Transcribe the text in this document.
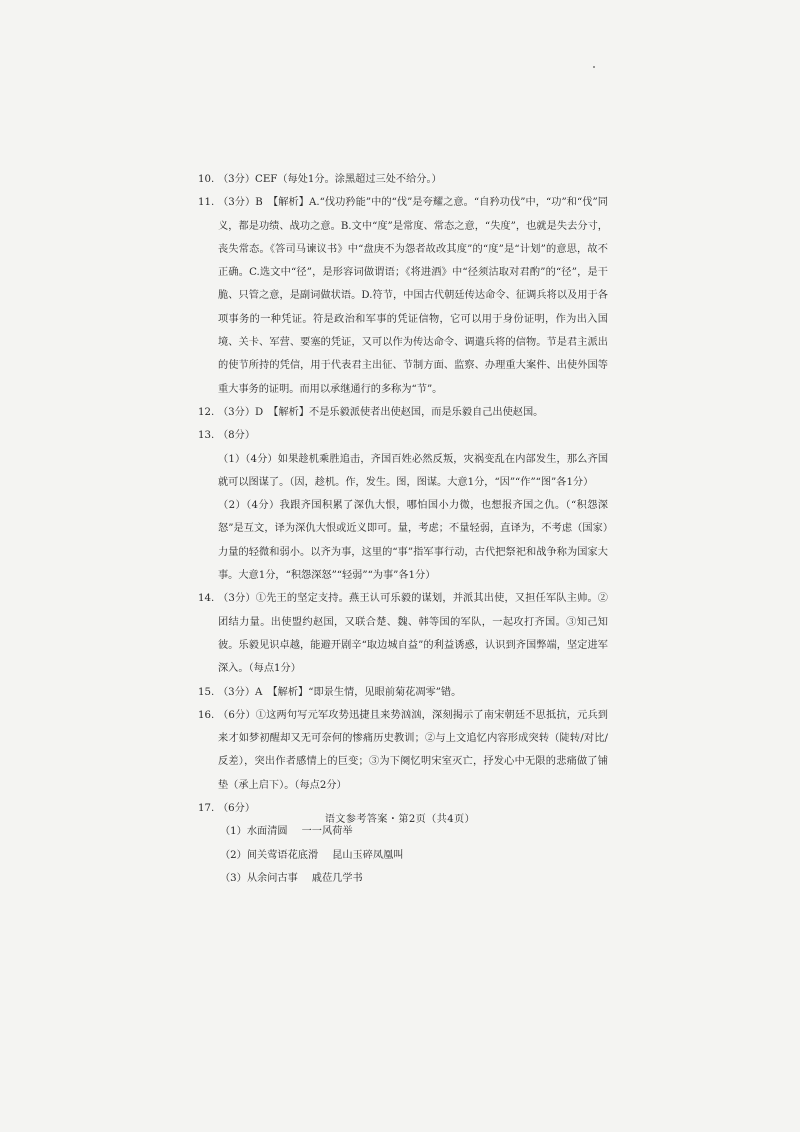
10. （3分）CEF（每处1分。涂黑超过三处不给分。）
11. （3分）B　【解析】A.“伐功矜能”中的“伐”是夸耀之意。“自矜功伐”中，“功”和“伐”同义，都是功绩、战功之意。B.文中“度”是常度、常态之意，“失度”，也就是失去分寸，丧失常态。《答司马谏议书》中“盘庚不为怨者故改其度”的“度”是“计划”的意思，故不正确。C.选文中“径”，是形容词做谓语；《将进酒》中“径须沽取对君酌”的“径”，是干脆、只管之意，是副词做状语。D.符节，中国古代朝廷传达命令、征调兵将以及用于各项事务的一种凭证。符是政治和军事的凭证信物，它可以用于身份证明，作为出入国境、关卡、军营、要塞的凭证，又可以作为传达命令、调遣兵将的信物。节是君主派出的使节所持的凭信，用于代表君主出征、节制方面、监察、办理重大案件、出使外国等重大事务的证明。而用以承继通行的多称为“节”。
12. （3分）D　【解析】不是乐毅派使者出使赵国，而是乐毅自己出使赵国。
13. （8分）
（1）（4分）如果趁机乘胜追击，齐国百姓必然反叛，灾祸变乱在内部发生，那么齐国就可以图谋了。（因，趁机。作，发生。图，图谋。大意1分，“因”“作”“图”各1分）
（2）（4分）我跟齐国积累了深仇大恨，哪怕国小力微，也想报齐国之仇。（“积怨深怒”是互文，译为深仇大恨或近义即可。量，考虑；不量轻弱，直译为，不考虑（国家）力量的轻微和弱小。以齐为事，这里的“事”指军事行动，古代把祭祀和战争称为国家大事。大意1分，“积怨深怒”“轻弱”“为事”各1分）
14. （3分）①先王的坚定支持。燕王认可乐毅的谋划，并派其出使，又担任军队主帅。②团结力量。出使盟约赵国，又联合楚、魏、韩等国的军队，一起攻打齐国。③知己知彼。乐毅见识卓越，能避开剧辛“取边城自益”的利益诱惑，认识到齐国弊端，坚定进军深入。（每点1分）
15. （3分）A　【解析】“即景生情，见眼前菊花凋零”错。
16. （6分）①这两句写元军攻势迅捷且来势汹汹，深刻揭示了南宋朝廷不思抵抗，元兵到来才如梦初醒却又无可奈何的惨痛历史教训；②与上文追忆内容形成突转（陡转/对比/反差），突出作者感情上的巨变；③为下阕忆明宋室灭亡，抒发心中无限的悲痛做了铺垫（承上启下）。（每点2分）
17. （6分）
（1）水面清圆 一一风荷举
（2）间关莺语花底滑 昆山玉碎凤凰叫
（3）从余问古事 戚莅几学书
语文参考答案・第2页（共4页）
